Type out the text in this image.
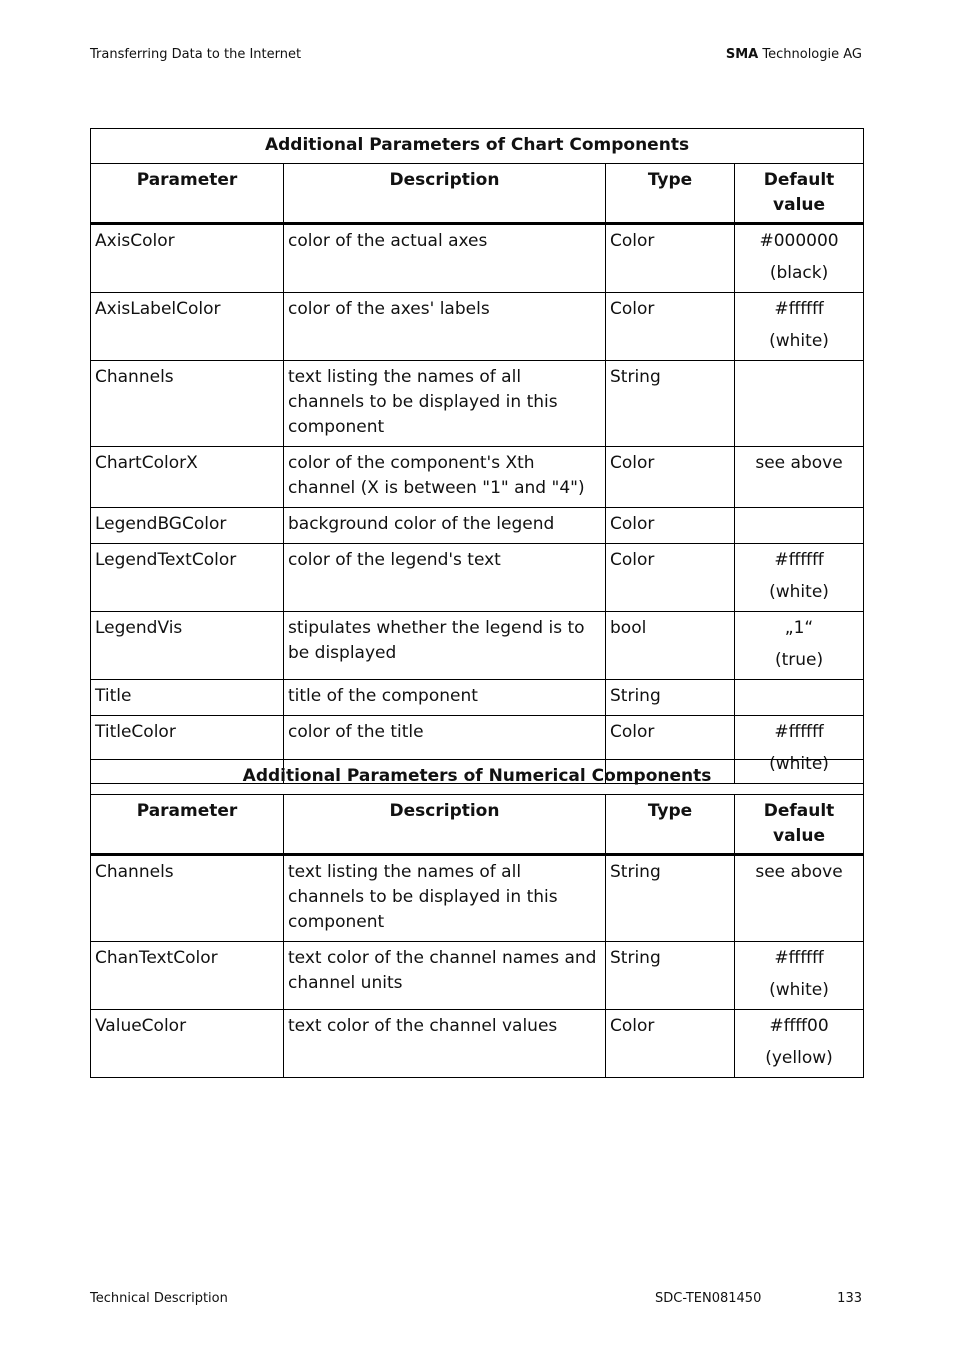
Transferring Data to the Internet	SMA Technologie AG
Additional Parameters of Chart Components			
Parameter	Description	Type	Default value
AxisColor	color of the actual axes	Color	#000000
(black)

AxisLabelColor	color of the axes' labels	Color	#ffffff
(white)

Channels	text listing the names of all channels to be displayed in this component	String	
ChartColorX	color of the component's Xth channel (X is between "1" and "4")	Color	see above

LegendBGColor	background color of the legend	Color	
LegendTextColor	color of the legend's text	Color	#ffffff
(white)

LegendVis	stipulates whether the legend is to be displayed	bool	„1“
(true)

Title	title of the component	String	
TitleColor	color of the title	Color	#ffffff
(white)
Additional Parameters of Numerical Components			
Parameter	Description	Type	Default value
Channels	text listing the names of all channels to be displayed in this component	String	see above

ChanTextColor	text color of the channel names and channel units	String	#ffffff
(white)

ValueColor	text color of the channel values	Color	#ffff00
(yellow)
Technical Description	SDC-TEN081450	133
